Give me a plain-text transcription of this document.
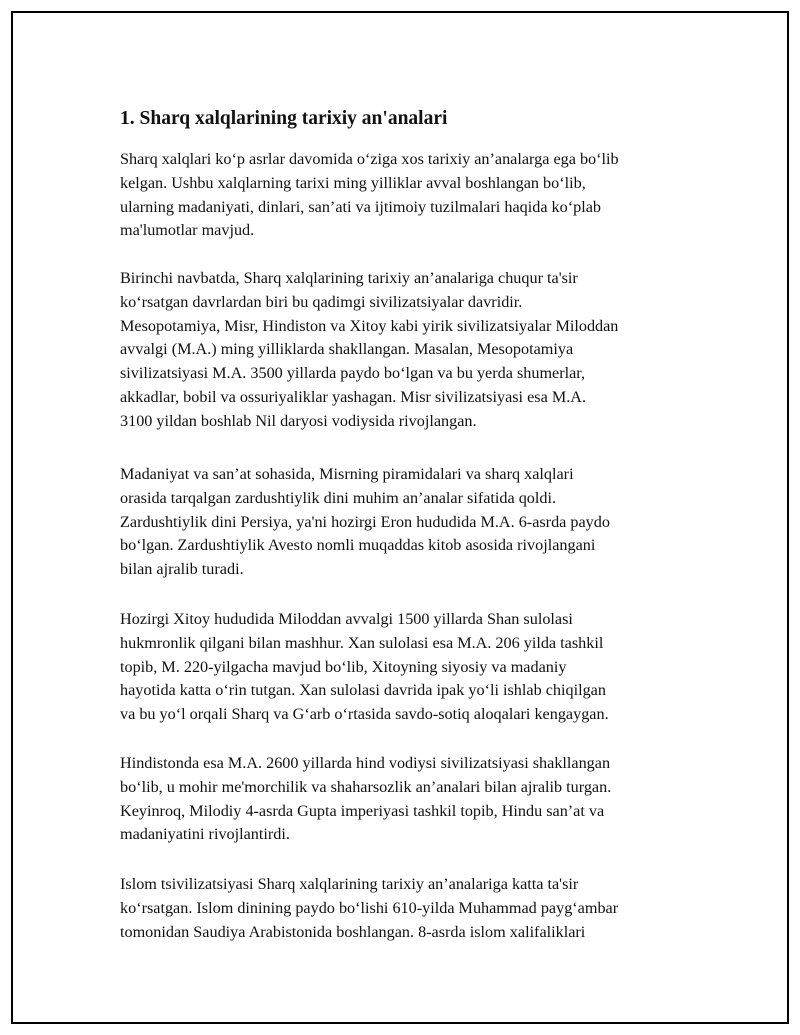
1. Sharq xalqlarining tarixiy an'analari

Sharq xalqlari koʻp asrlar davomida oʻziga xos tarixiy an’analarga ega boʻlib
kelgan. Ushbu xalqlarning tarixi ming yilliklar avval boshlangan boʻlib,
ularning madaniyati, dinlari, san’ati va ijtimoiy tuzilmalari haqida koʻplab
ma'lumotlar mavjud.

Birinchi navbatda, Sharq xalqlarining tarixiy an’analariga chuqur ta'sir
koʻrsatgan davrlardan biri bu qadimgi sivilizatsiyalar davridir.
Mesopotamiya, Misr, Hindiston va Xitoy kabi yirik sivilizatsiyalar Miloddan
avvalgi (M.A.) ming yilliklarda shakllangan. Masalan, Mesopotamiya
sivilizatsiyasi M.A. 3500 yillarda paydo boʻlgan va bu yerda shumerlar,
akkadlar, bobil va ossuriyaliklar yashagan. Misr sivilizatsiyasi esa M.A.
3100 yildan boshlab Nil daryosi vodiysida rivojlangan.

Madaniyat va san’at sohasida, Misrning piramidalari va sharq xalqlari
orasida tarqalgan zardushtiylik dini muhim an’analar sifatida qoldi.
Zardushtiylik dini Persiya, ya'ni hozirgi Eron hududida M.A. 6-asrda paydo
boʻlgan. Zardushtiylik Avesto nomli muqaddas kitob asosida rivojlangani
bilan ajralib turadi.

Hozirgi Xitoy hududida Miloddan avvalgi 1500 yillarda Shan sulolasi
hukmronlik qilgani bilan mashhur. Xan sulolasi esa M.A. 206 yilda tashkil
topib, M. 220-yilgacha mavjud boʻlib, Xitoyning siyosiy va madaniy
hayotida katta oʻrin tutgan. Xan sulolasi davrida ipak yoʻli ishlab chiqilgan
va bu yoʻl orqali Sharq va Gʻarb oʻrtasida savdo-sotiq aloqalari kengaygan.

Hindistonda esa M.A. 2600 yillarda hind vodiysi sivilizatsiyasi shakllangan
boʻlib, u mohir me'morchilik va shaharsozlik an’analari bilan ajralib turgan.
Keyinroq, Milodiy 4-asrda Gupta imperiyasi tashkil topib, Hindu san’at va
madaniyatini rivojlantirdi.

Islom tsivilizatsiyasi Sharq xalqlarining tarixiy an’analariga katta ta'sir
koʻrsatgan. Islom dinining paydo boʻlishi 610-yilda Muhammad paygʻambar
tomonidan Saudiya Arabistonida boshlangan. 8-asrda islom xalifaliklari
